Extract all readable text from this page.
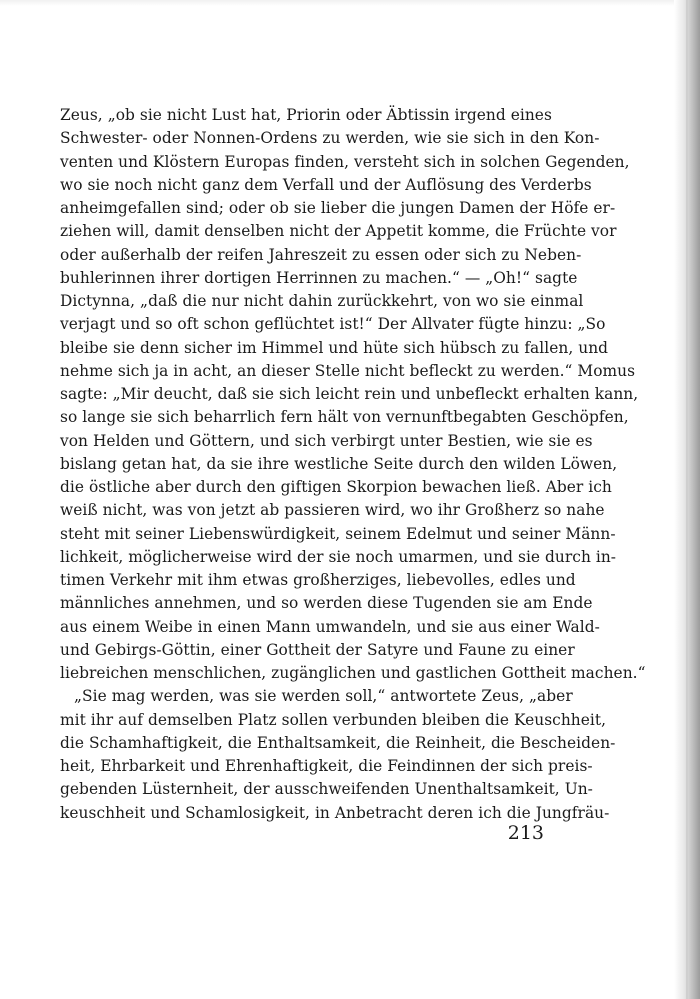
Zeus, „ob sie nicht Lust hat, Priorin oder Äbtissin irgend eines
Schwester- oder Nonnen-Ordens zu werden, wie sie sich in den Kon-
venten und Klöstern Europas finden, versteht sich in solchen Gegenden,
wo sie noch nicht ganz dem Verfall und der Auflösung des Verderbs
anheimgefallen sind; oder ob sie lieber die jungen Damen der Höfe er-
ziehen will, damit denselben nicht der Appetit komme, die Früchte vor
oder außerhalb der reifen Jahreszeit zu essen oder sich zu Neben-
buhlerinnen ihrer dortigen Herrinnen zu machen.“ — „Oh!“ sagte
Dictynna, „daß die nur nicht dahin zurückkehrt, von wo sie einmal
verjagt und so oft schon geflüchtet ist!“ Der Allvater fügte hinzu: „So
bleibe sie denn sicher im Himmel und hüte sich hübsch zu fallen, und
nehme sich ja in acht, an dieser Stelle nicht befleckt zu werden.“ Momus
sagte: „Mir deucht, daß sie sich leicht rein und unbefleckt erhalten kann,
so lange sie sich beharrlich fern hält von vernunftbegabten Geschöpfen,
von Helden und Göttern, und sich verbirgt unter Bestien, wie sie es
bislang getan hat, da sie ihre westliche Seite durch den wilden Löwen,
die östliche aber durch den giftigen Skorpion bewachen ließ. Aber ich
weiß nicht, was von jetzt ab passieren wird, wo ihr Großherz so nahe
steht mit seiner Liebenswürdigkeit, seinem Edelmut und seiner Männ-
lichkeit, möglicherweise wird der sie noch umarmen, und sie durch in-
timen Verkehr mit ihm etwas großherziges, liebevolles, edles und
männliches annehmen, und so werden diese Tugenden sie am Ende
aus einem Weibe in einen Mann umwandeln, und sie aus einer Wald-
und Gebirgs-Göttin, einer Gottheit der Satyre und Faune zu einer
liebreichen menschlichen, zugänglichen und gastlichen Gottheit machen.“
„Sie mag werden, was sie werden soll,“ antwortete Zeus, „aber
mit ihr auf demselben Platz sollen verbunden bleiben die Keuschheit,
die Schamhaftigkeit, die Enthaltsamkeit, die Reinheit, die Bescheiden-
heit, Ehrbarkeit und Ehrenhaftigkeit, die Feindinnen der sich preis-
gebenden Lüsternheit, der ausschweifenden Unenthaltsamkeit, Un-
keuschheit und Schamlosigkeit, in Anbetracht deren ich die Jungfräu-
213
